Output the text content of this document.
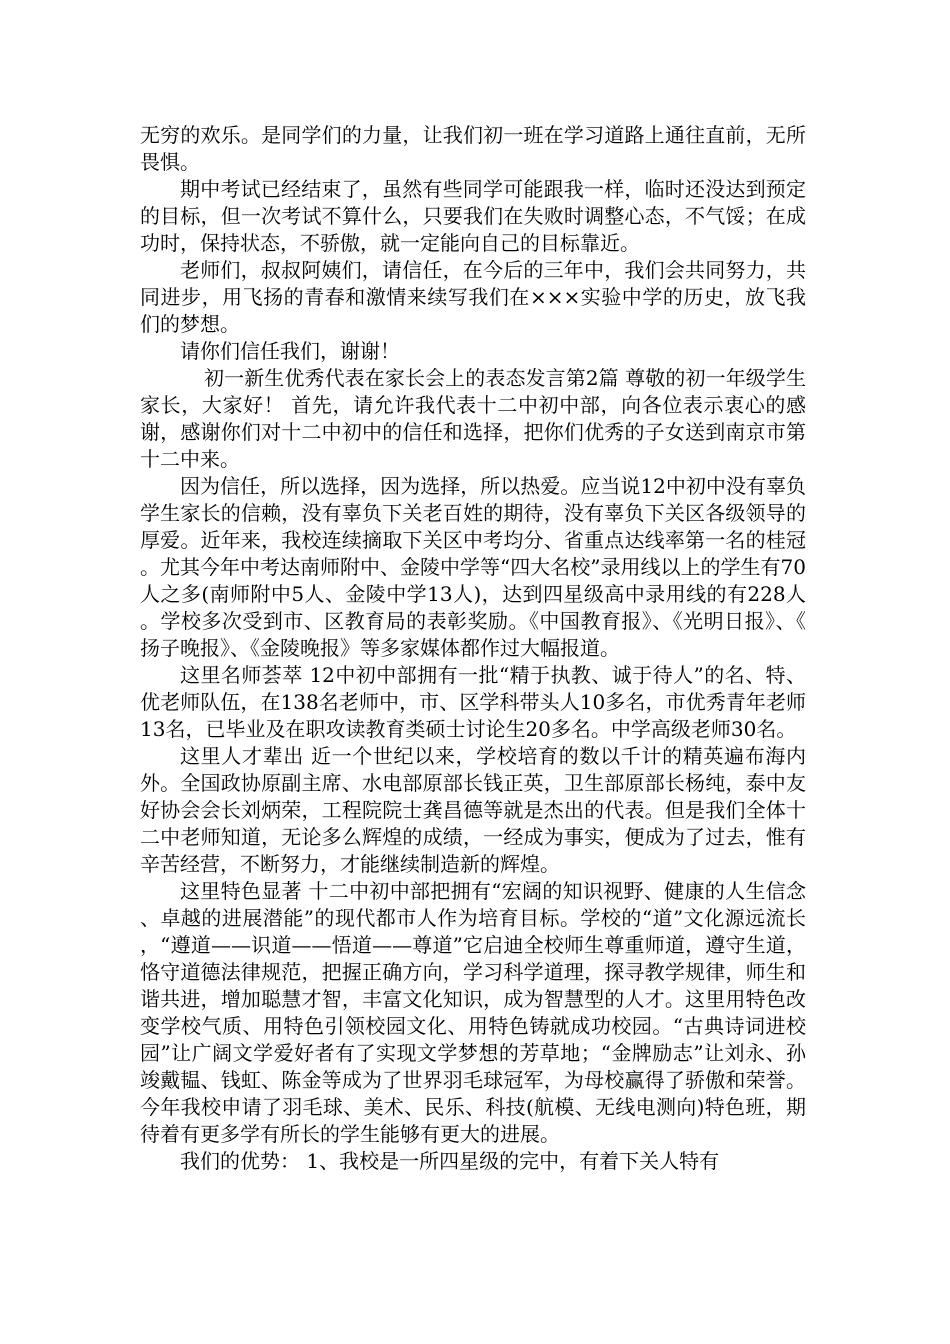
无穷的欢乐。是同学们的力量，让我们初一班在学习道路上通往直前，无所畏惧。

期中考试已经结束了，虽然有些同学可能跟我一样，临时还没达到预定的目标，但一次考试不算什么，只要我们在失败时调整心态，不气馁；在成功时，保持状态，不骄傲，就一定能向自己的目标靠近。

老师们，叔叔阿姨们，请信任，在今后的三年中，我们会共同努力，共同进步，用飞扬的青春和激情来续写我们在×××实验中学的历史，放飞我们的梦想。

请你们信任我们，谢谢！

初一新生优秀代表在家长会上的表态发言第2篇 尊敬的初一年级学生家长，大家好！ 首先，请允许我代表十二中初中部，向各位表示衷心的感谢，感谢你们对十二中初中的信任和选择，把你们优秀的子女送到南京市第十二中来。

因为信任，所以选择，因为选择，所以热爱。应当说12中初中没有辜负学生家长的信赖，没有辜负下关老百姓的期待，没有辜负下关区各级领导的厚爱。近年来，我校连续摘取下关区中考均分、省重点达线率第一名的桂冠。尤其今年中考达南师附中、金陵中学等“四大名校”录用线以上的学生有70人之多(南师附中5人、金陵中学13人)，达到四星级高中录用线的有228人。学校多次受到市、区教育局的表彰奖励。《中国教育报》、《光明日报》、《扬子晚报》、《金陵晚报》等多家媒体都作过大幅报道。

这里名师荟萃 12中初中部拥有一批“精于执教、诚于待人”的名、特、优老师队伍，在138名老师中，市、区学科带头人10多名，市优秀青年老师13名，已毕业及在职攻读教育类硕士讨论生20多名。中学高级老师30名。

这里人才辈出 近一个世纪以来，学校培育的数以千计的精英遍布海内外。全国政协原副主席、水电部原部长钱正英，卫生部原部长杨纯，泰中友好协会会长刘炳荣，工程院院士龚昌德等就是杰出的代表。但是我们全体十二中老师知道，无论多么辉煌的成绩，一经成为事实，便成为了过去，惟有辛苦经营，不断努力，才能继续制造新的辉煌。

这里特色显著 十二中初中部把拥有“宏阔的知识视野、健康的人生信念、卓越的进展潜能”的现代都市人作为培育目标。学校的“道”文化源远流长，“遵道——识道——悟道——尊道”它启迪全校师生尊重师道，遵守生道，恪守道德法律规范，把握正确方向，学习科学道理，探寻教学规律，师生和谐共进，增加聪慧才智，丰富文化知识，成为智慧型的人才。这里用特色改变学校气质、用特色引领校园文化、用特色铸就成功校园。“古典诗词进校园”让广阔文学爱好者有了实现文学梦想的芳草地；“金牌励志”让刘永、孙竣戴韫、钱虹、陈金等成为了世界羽毛球冠军，为母校赢得了骄傲和荣誉。今年我校申请了羽毛球、美术、民乐、科技(航模、无线电测向)特色班，期待着有更多学有所长的学生能够有更大的进展。

我们的优势： 1、我校是一所四星级的完中，有着下关人特有
